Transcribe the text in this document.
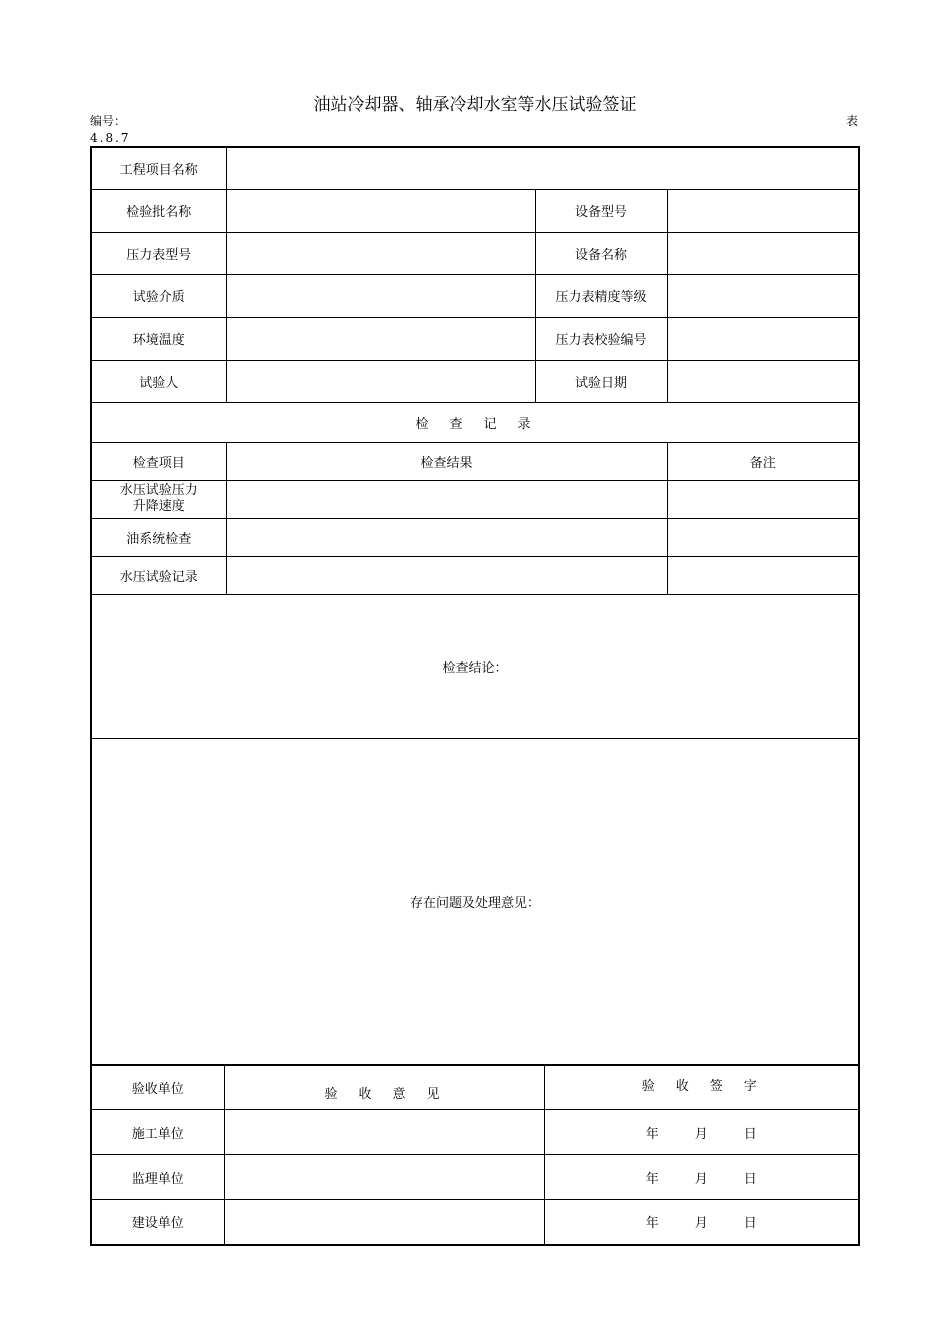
油站冷却器、轴承冷却水室等水压试验签证
编号：
4.8.7
表
工程项目名称			
检验批名称		设备型号	
压力表型号		设备名称	
试验介质		压力表精度等级	
环境温度		压力表校验编号	
试验人		试验日期	
检　查　记　录			
检查项目	检查结果		备注

水压试验压力
升降速度			

油系统检查			
水压试验记录			
检查结论：			
存在问题及处理意见：			
验收单位	验　收　意　见	验　收　签　字
施工单位		年 月 日
监理单位		年 月 日
建设单位		年 月 日
